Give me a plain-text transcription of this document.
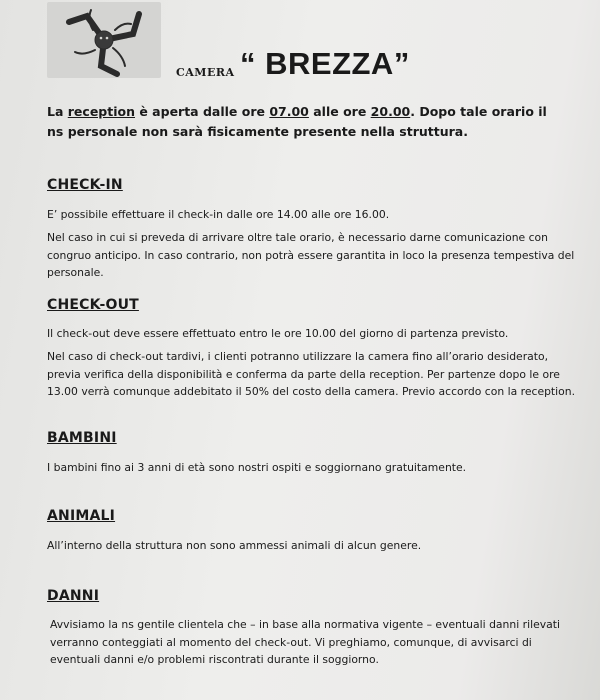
CAMERA “ BREZZA”
La reception è aperta dalle ore 07.00 alle ore 20.00. Dopo tale orario il ns personale non sarà fisicamente presente nella struttura.
CHECK-IN
E’ possibile effettuare il check-in dalle ore 14.00 alle ore 16.00.
Nel caso in cui si preveda di arrivare oltre tale orario, è necessario darne comunicazione con congruo anticipo. In caso contrario, non potrà essere garantita in loco la presenza tempestiva del personale.
CHECK-OUT
Il check-out deve essere effettuato entro le ore 10.00 del giorno di partenza previsto.
Nel caso di check-out tardivi, i clienti potranno utilizzare la camera fino all’orario desiderato, previa verifica della disponibilità e conferma da parte della reception. Per partenze dopo le ore 13.00 verrà comunque addebitato il 50% del costo della camera. Previo accordo con la reception.
BAMBINI
I bambini fino ai 3 anni di età sono nostri ospiti e soggiornano gratuitamente.
ANIMALI
All’interno della struttura non sono ammessi animali di alcun genere.
DANNI
Avvisiamo la ns gentile clientela che – in base alla normativa vigente – eventuali danni rilevati verranno conteggiati al momento del check-out. Vi preghiamo, comunque, di avvisarci di eventuali danni e/o problemi riscontrati durante il soggiorno.
